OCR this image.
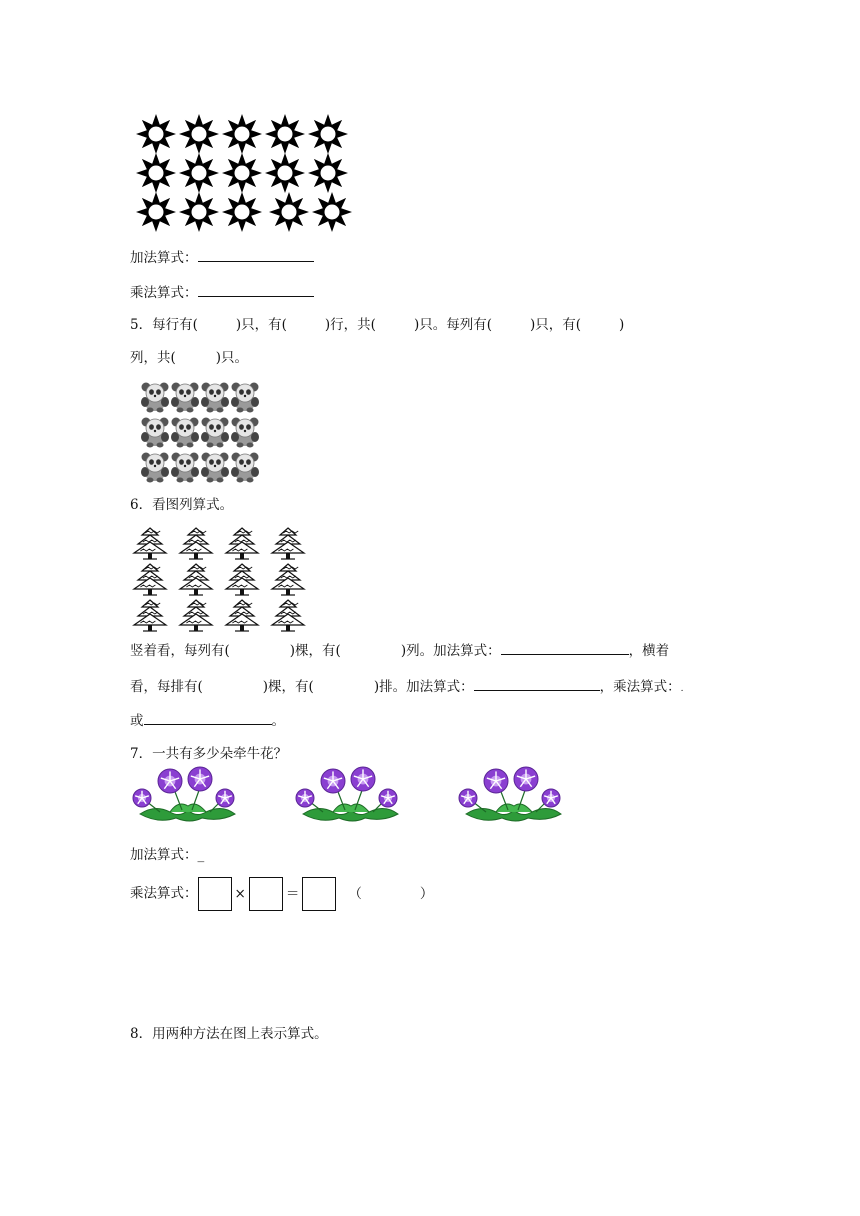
加法算式：
乘法算式：
5．每行有(	)只，有(	)行，共(	)只。每列有(	)只，有(	)
列，共(	)只。
6．看图列算式。
竖着看，每列有(	)棵，有(	)列。加法算式：	，横着
看，每排有(	)棵，有(	)排。加法算式：	，乘法算式：.
或	。
7．一共有多少朵牵牛花？
加法算式：_
乘法算式：	×	＝	（	）
8．用两种方法在图上表示算式。
